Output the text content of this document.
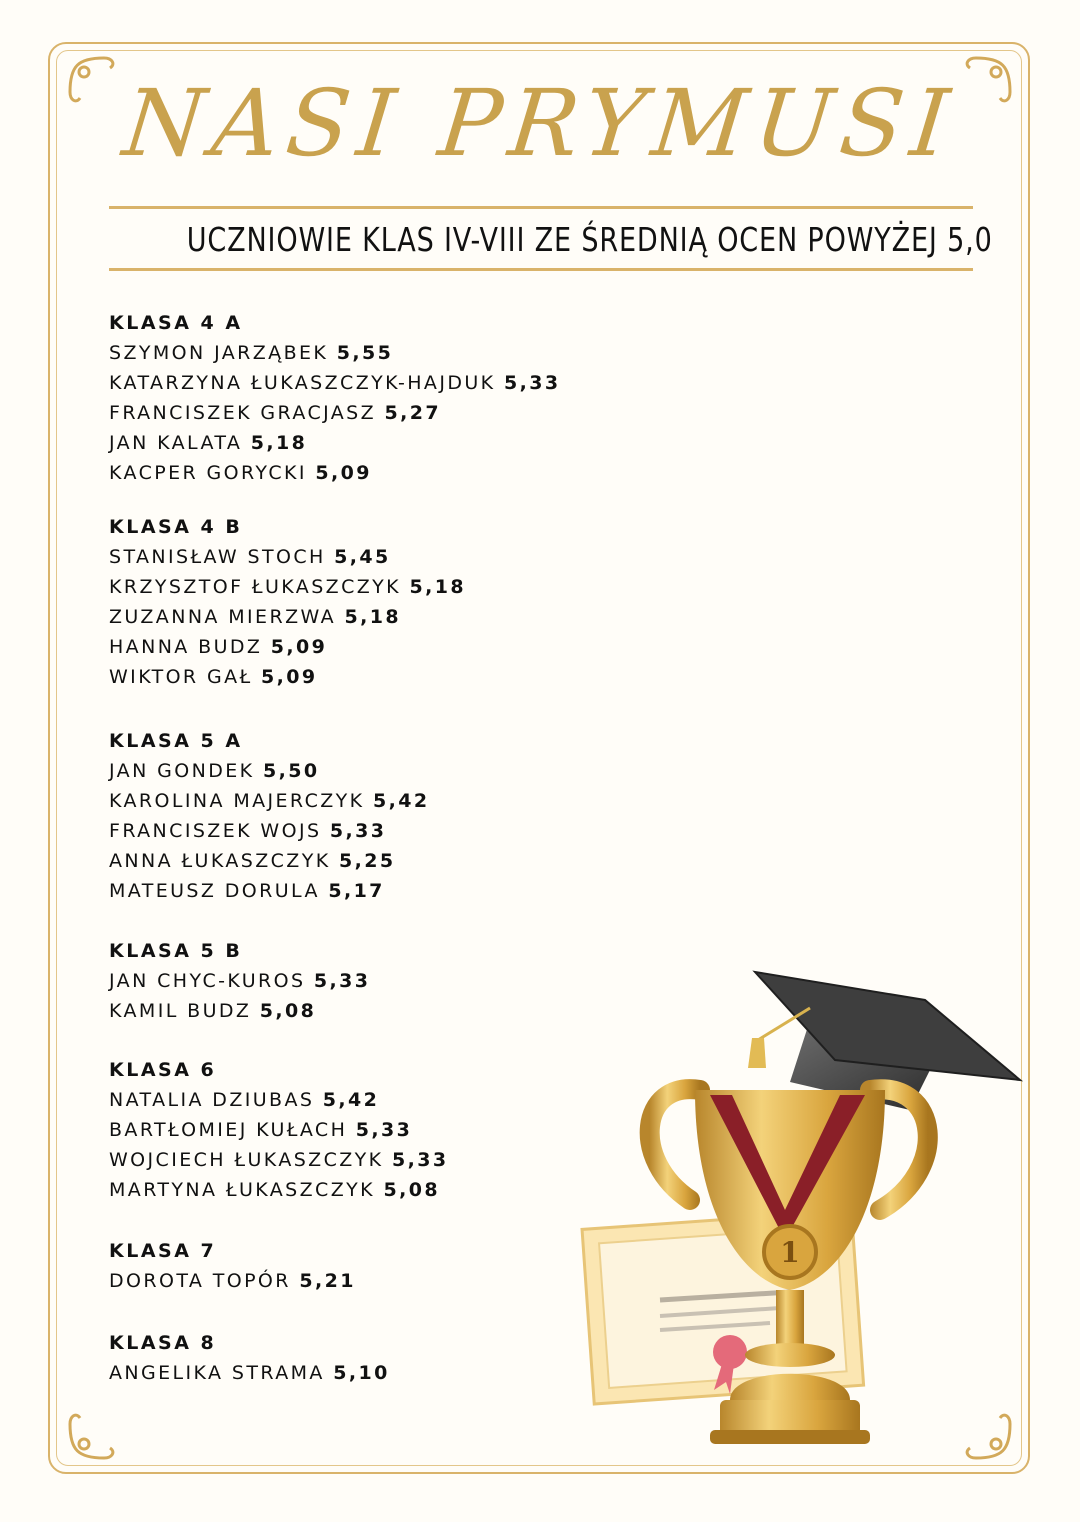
NASI PRYMUSI
UCZNIOWIE KLAS IV-VIII ZE ŚREDNIĄ OCEN POWYŻEJ 5,0
KLASA 4 A
SZYMON JARZĄBEK 5,55
KATARZYNA ŁUKASZCZYK-HAJDUK 5,33
FRANCISZEK GRACJASZ 5,27
JAN KALATA 5,18
KACPER GORYCKI 5,09
KLASA 4 B
STANISŁAW STOCH 5,45
KRZYSZTOF ŁUKASZCZYK 5,18
ZUZANNA MIERZWA 5,18
HANNA BUDZ 5,09
WIKTOR GAŁ 5,09
KLASA 5 A
JAN GONDEK 5,50
KAROLINA MAJERCZYK 5,42
FRANCISZEK WOJS 5,33
ANNA ŁUKASZCZYK 5,25
MATEUSZ DORULA 5,17
KLASA 5 B
JAN CHYC-KUROS 5,33
KAMIL BUDZ 5,08
KLASA 6
NATALIA DZIUBAS 5,42
BARTŁOMIEJ KUŁACH 5,33
WOJCIECH ŁUKASZCZYK 5,33
MARTYNA ŁUKASZCZYK 5,08
KLASA 7
DOROTA TOPÓR 5,21
KLASA 8
ANGELIKA STRAMA 5,10
1
